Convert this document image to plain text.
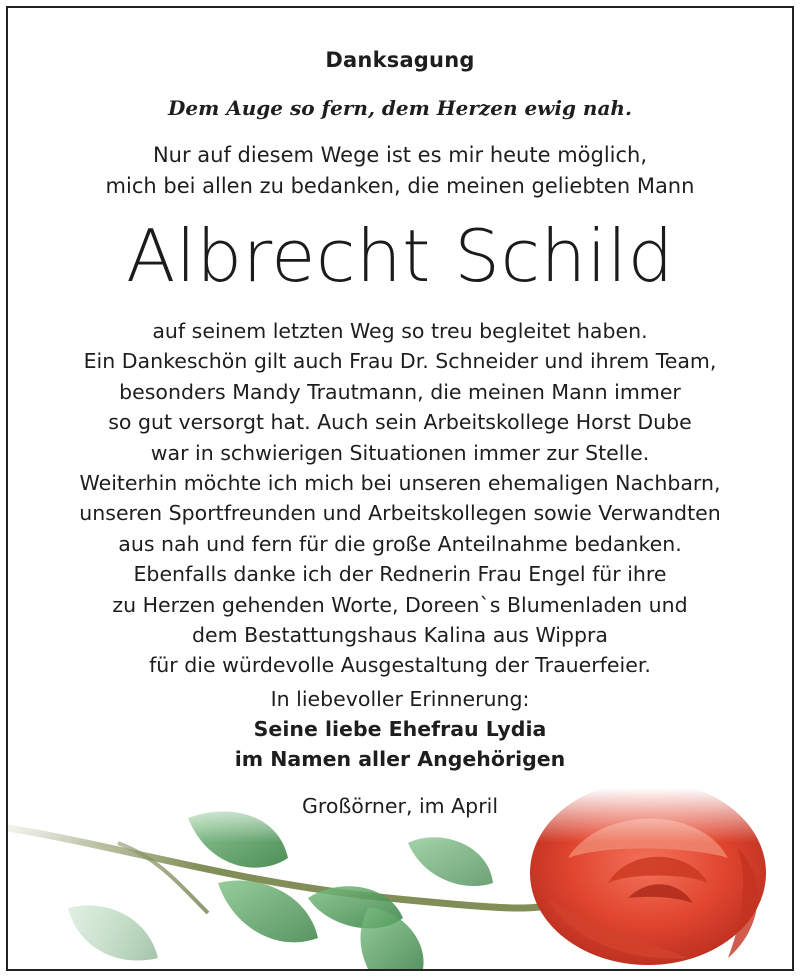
Danksagung
Dem Auge so fern, dem Herzen ewig nah.
Nur auf diesem Wege ist es mir heute möglich,
mich bei allen zu bedanken, die meinen geliebten Mann
Albrecht Schild
auf seinem letzten Weg so treu begleitet haben.
Ein Dankeschön gilt auch Frau Dr. Schneider und ihrem Team,
besonders Mandy Trautmann, die meinen Mann immer
so gut versorgt hat. Auch sein Arbeitskollege Horst Dube
war in schwierigen Situationen immer zur Stelle.
Weiterhin möchte ich mich bei unseren ehemaligen Nachbarn,
unseren Sportfreunden und Arbeitskollegen sowie Verwandten
aus nah und fern für die große Anteilnahme bedanken.
Ebenfalls danke ich der Rednerin Frau Engel für ihre
zu Herzen gehenden Worte, Doreen`s Blumenladen und
dem Bestattungshaus Kalina aus Wippra
für die würdevolle Ausgestaltung der Trauerfeier.
In liebevoller Erinnerung:
Seine liebe Ehefrau Lydia
im Namen aller Angehörigen
Großörner, im April
